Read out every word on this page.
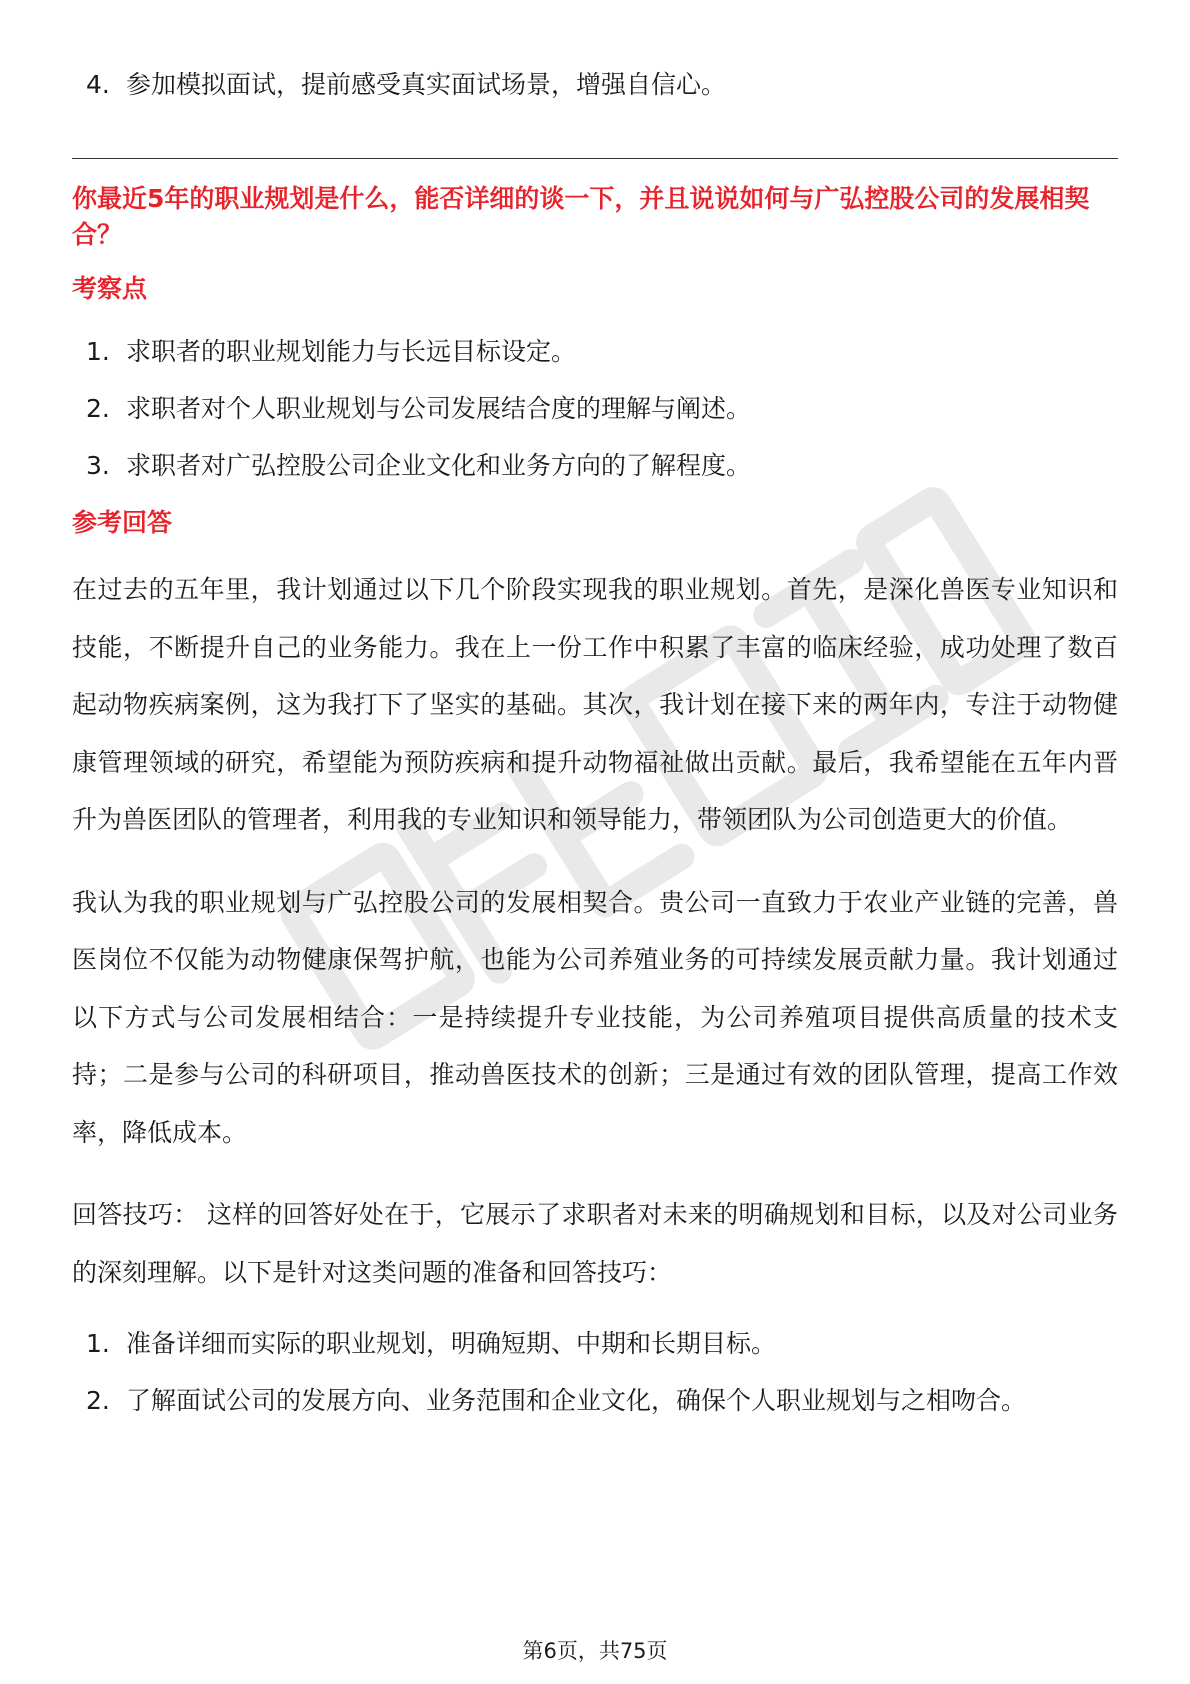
4. 参加模拟面试，提前感受真实面试场景，增强自信心。
你最近5年的职业规划是什么，能否详细的谈一下，并且说说如何与广弘控股公司的发展相契合？
考察点
1. 求职者的职业规划能力与长远目标设定。
2. 求职者对个人职业规划与公司发展结合度的理解与阐述。
3. 求职者对广弘控股公司企业文化和业务方向的了解程度。
参考回答

在过去的五年里，我计划通过以下几个阶段实现我的职业规划。首先，是深化兽医专业知识和技能，不断提升自己的业务能力。我在上一份工作中积累了丰富的临床经验，成功处理了数百起动物疾病案例，这为我打下了坚实的基础。其次，我计划在接下来的两年内，专注于动物健康管理领域的研究，希望能为预防疾病和提升动物福祉做出贡献。最后，我希望能在五年内晋升为兽医团队的管理者，利用我的专业知识和领导能力，带领团队为公司创造更大的价值。

我认为我的职业规划与广弘控股公司的发展相契合。贵公司一直致力于农业产业链的完善，兽医岗位不仅能为动物健康保驾护航，也能为公司养殖业务的可持续发展贡献力量。我计划通过以下方式与公司发展相结合：一是持续提升专业技能，为公司养殖项目提供高质量的技术支持；二是参与公司的科研项目，推动兽医技术的创新；三是通过有效的团队管理，提高工作效率，降低成本。

回答技巧： 这样的回答好处在于，它展示了求职者对未来的明确规划和目标，以及对公司业务的深刻理解。以下是针对这类问题的准备和回答技巧：

1. 准备详细而实际的职业规划，明确短期、中期和长期目标。
2. 了解面试公司的发展方向、业务范围和企业文化，确保个人职业规划与之相吻合。
第6页，共75页
